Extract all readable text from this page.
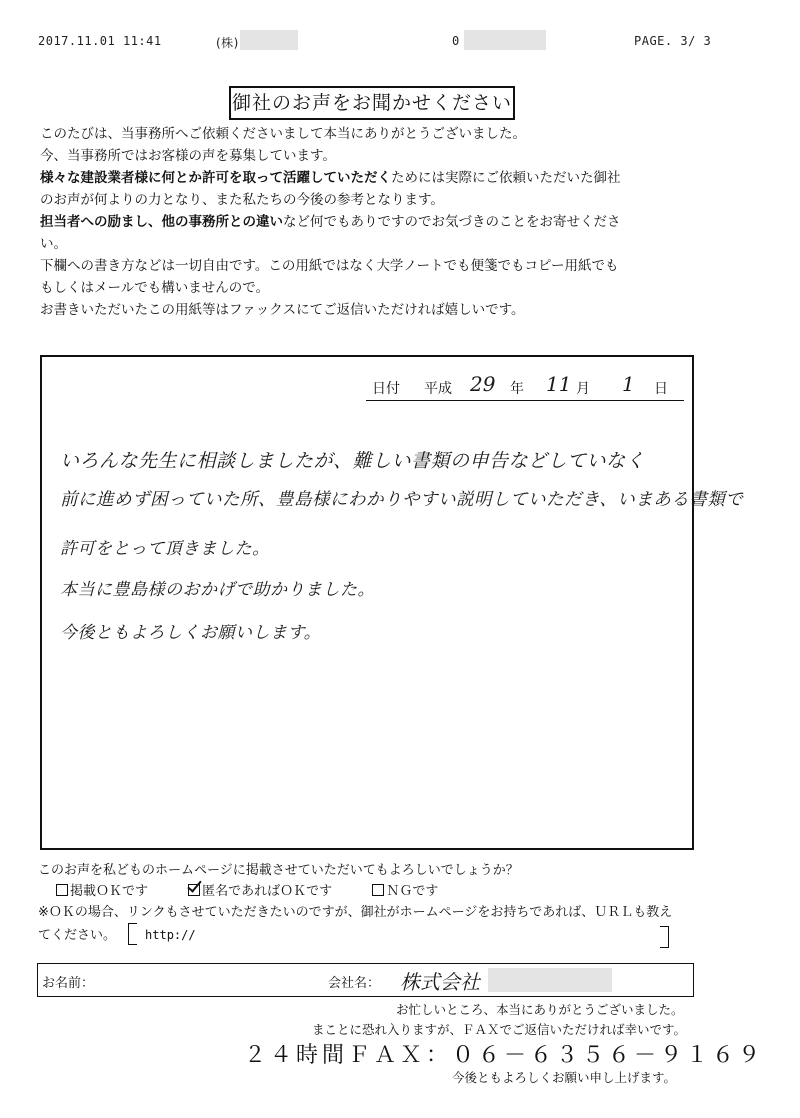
2017.11.01 11:41	(株)	0	PAGE. 3/ 3
御社のお声をお聞かせください

このたびは、当事務所へご依頼くださいまして本当にありがとうございました。

今、当事務所ではお客様の声を募集しています。

様々な建設業者様に何とか許可を取って活躍していただくためには実際にご依頼いただいた御社

のお声が何よりの力となり、また私たちの今後の参考となります。

担当者への励まし、他の事務所との違いなど何でもありですのでお気づきのことをお寄せくださ

い。

下欄への書き方などは一切自由です。この用紙ではなく大学ノートでも便箋でもコピー用紙でも

もしくはメールでも構いませんので。

お書きいただいたこの用紙等はファックスにてご返信いただければ嬉しいです。

日付 平成 29 年 11 月 1 日
いろんな先生に相談しましたが、難しい書類の申告などしていなく
前に進めず困っていた所、豊島様にわかりやすい説明していただき、いまある書類で
許可をとって頂きました。
本当に豊島様のおかげで助かりました。
今後ともよろしくお願いします。
このお声を私どものホームページに掲載させていただいてもよろしいでしょうか？
掲載ＯＫです	匿名であればＯＫです	ＮＧです
※ＯＫの場合、リンクもさせていただきたいのですが、御社がホームページをお持ちであれば、ＵＲＬも教え
てください。 http://
お名前：	会社名： 株式会社
お忙しいところ、本当にありがとうございました。
まことに恐れ入りますが、ＦＡＸでご返信いただければ幸いです。
２４時間ＦＡＸ：０６－６３５６－９１６９
今後ともよろしくお願い申し上げます。
